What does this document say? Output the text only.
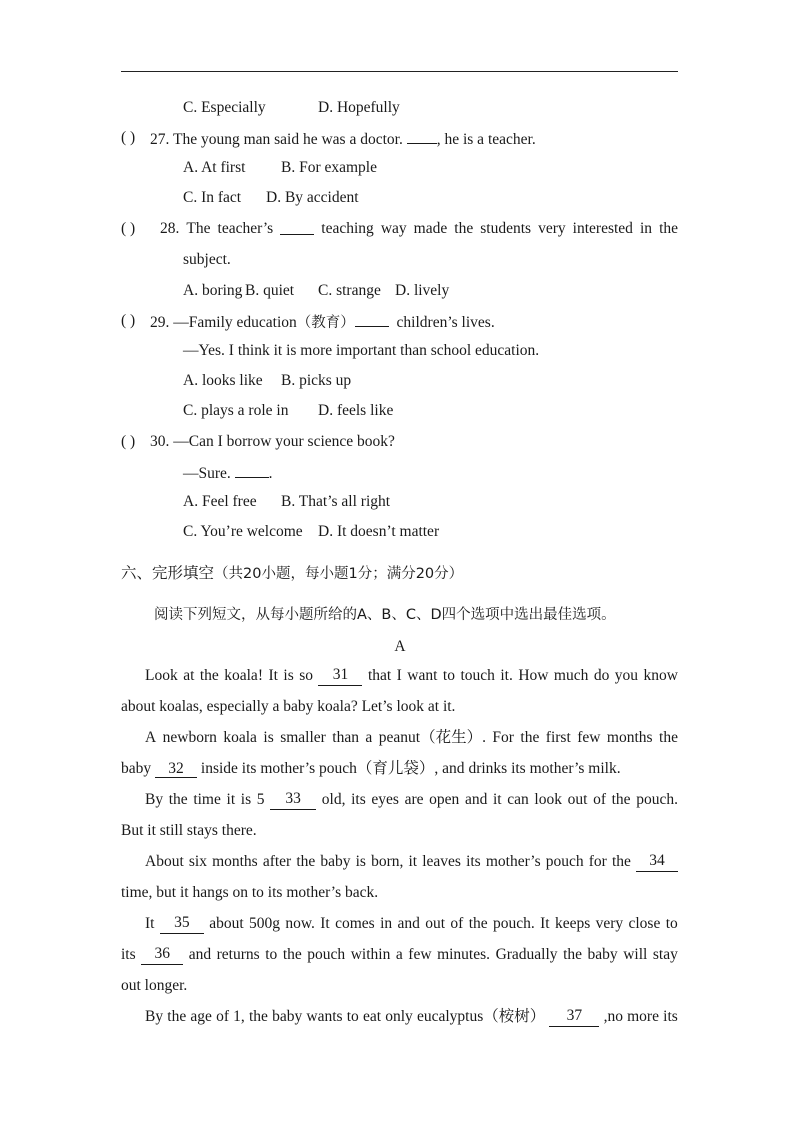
C. Especially	D. Hopefully
( ) 27. The young man said he was a doctor. , he is a teacher.
A. At first B. For example
C. In fact D. By accident
( ) 28. The teacher’s	teaching way made the students very interested in the
subject.
A. boring B. quiet C. strange D. lively
( ) 29. —Family education（教育）	children’s lives.
—Yes. I think it is more important than school education.
A. looks like B. picks up
C. plays a role in D. feels like
( ) 30. —Can I borrow your science book?
—Sure. .
A. Feel free B. That’s all right
C. You’re welcome D. It doesn’t matter
六、完形填空（共20小题，每小题1分；满分20分）
阅读下列短文，从每小题所给的A、B、C、D四个选项中选出最佳选项。
A
Look at the koala! It is so	31	that I want to touch it. How much do you know
about koalas, especially a baby koala? Let’s look at it.
A newborn koala is smaller than a peanut（花生）. For the first few months the
baby 32 inside its mother’s pouch（育儿袋）, and drinks its mother’s milk.
By the time it is 5	33	old, its eyes are open and it can look out of the pouch.
But it still stays there.
About six months after the baby is born, it leaves its mother’s pouch for the	34
time, but it hangs on to its mother’s back.
It	35	about 500g now. It comes in and out of the pouch. It keeps very close to
its	36	and returns to the pouch within a few minutes. Gradually the baby will stay
out longer.
By the age of 1, the baby wants to eat only eucalyptus（桉树）	37	,no more its
